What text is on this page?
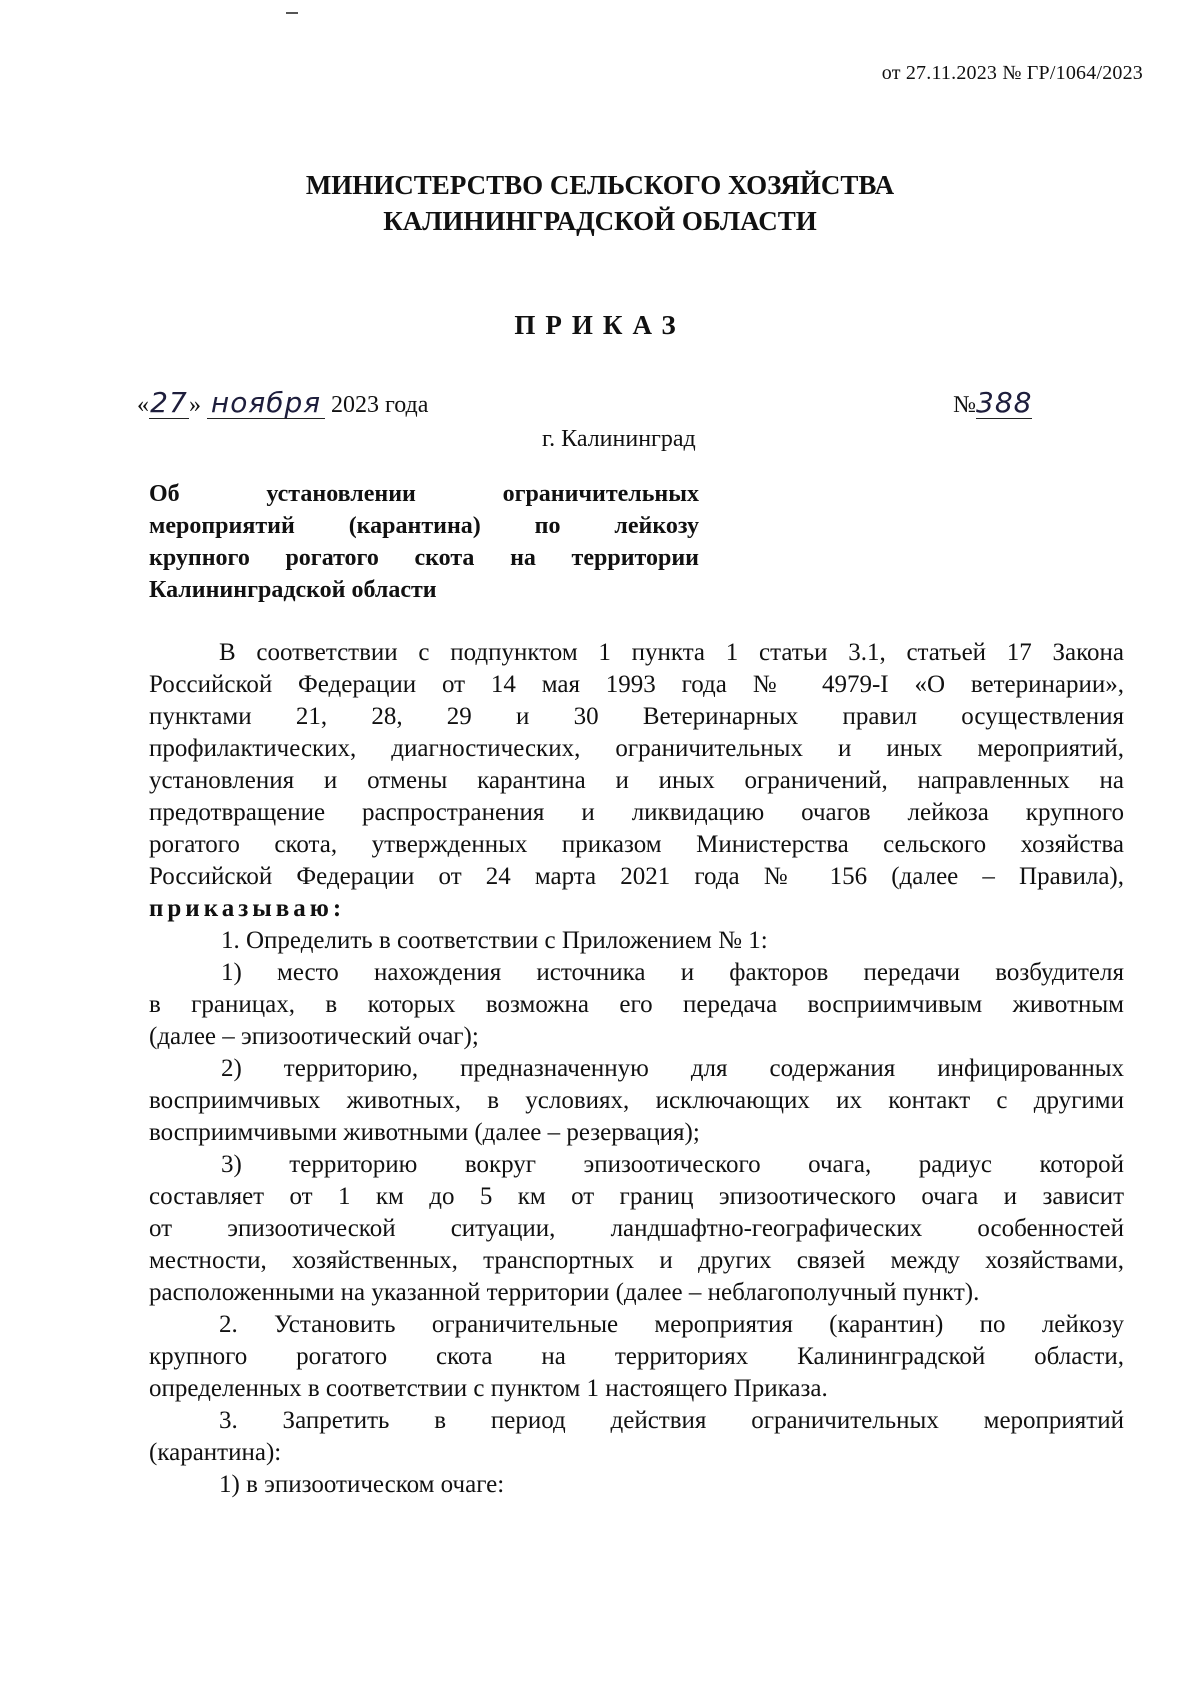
от 27.11.2023 № ГР/1064/2023
МИНИСТЕРСТВО СЕЛЬСКОГО ХОЗЯЙСТВА
КАЛИНИНГРАДСКОЙ ОБЛАСТИ
ПРИКАЗ
«27» ноября 2023 года	№388
г. Калининград

Об установлении ограничительных

мероприятий (карантина) по лейкозу

крупного рогатого скота на территории

Калининградской области

В соответствии с подпунктом 1 пункта 1 статьи 3.1, статьей 17 Закона

Российской Федерации от 14 мая 1993 года № 4979-I «О ветеринарии»,

пунктами 21, 28, 29 и 30 Ветеринарных правил осуществления

профилактических, диагностических, ограничительных и иных мероприятий,

установления и отмены карантина и иных ограничений, направленных на

предотвращение распространения и ликвидацию очагов лейкоза крупного

рогатого скота, утвержденных приказом Министерства сельского хозяйства

Российской Федерации от 24 марта 2021 года № 156 (далее – Правила),

приказываю:

1. Определить в соответствии с Приложением № 1:

1) место нахождения источника и факторов передачи возбудителя

в границах, в которых возможна его передача восприимчивым животным

(далее – эпизоотический очаг);

2) территорию, предназначенную для содержания инфицированных

восприимчивых животных, в условиях, исключающих их контакт с другими

восприимчивыми животными (далее – резервация);

3) территорию вокруг эпизоотического очага, радиус которой

составляет от 1 км до 5 км от границ эпизоотического очага и зависит

от эпизоотической ситуации, ландшафтно-географических особенностей

местности, хозяйственных, транспортных и других связей между хозяйствами,

расположенными на указанной территории (далее – неблагополучный пункт).

2. Установить ограничительные мероприятия (карантин) по лейкозу

крупного рогатого скота на территориях Калининградской области,

определенных в соответствии с пунктом 1 настоящего Приказа.

3. Запретить в период действия ограничительных мероприятий

(карантина):

1) в эпизоотическом очаге:
